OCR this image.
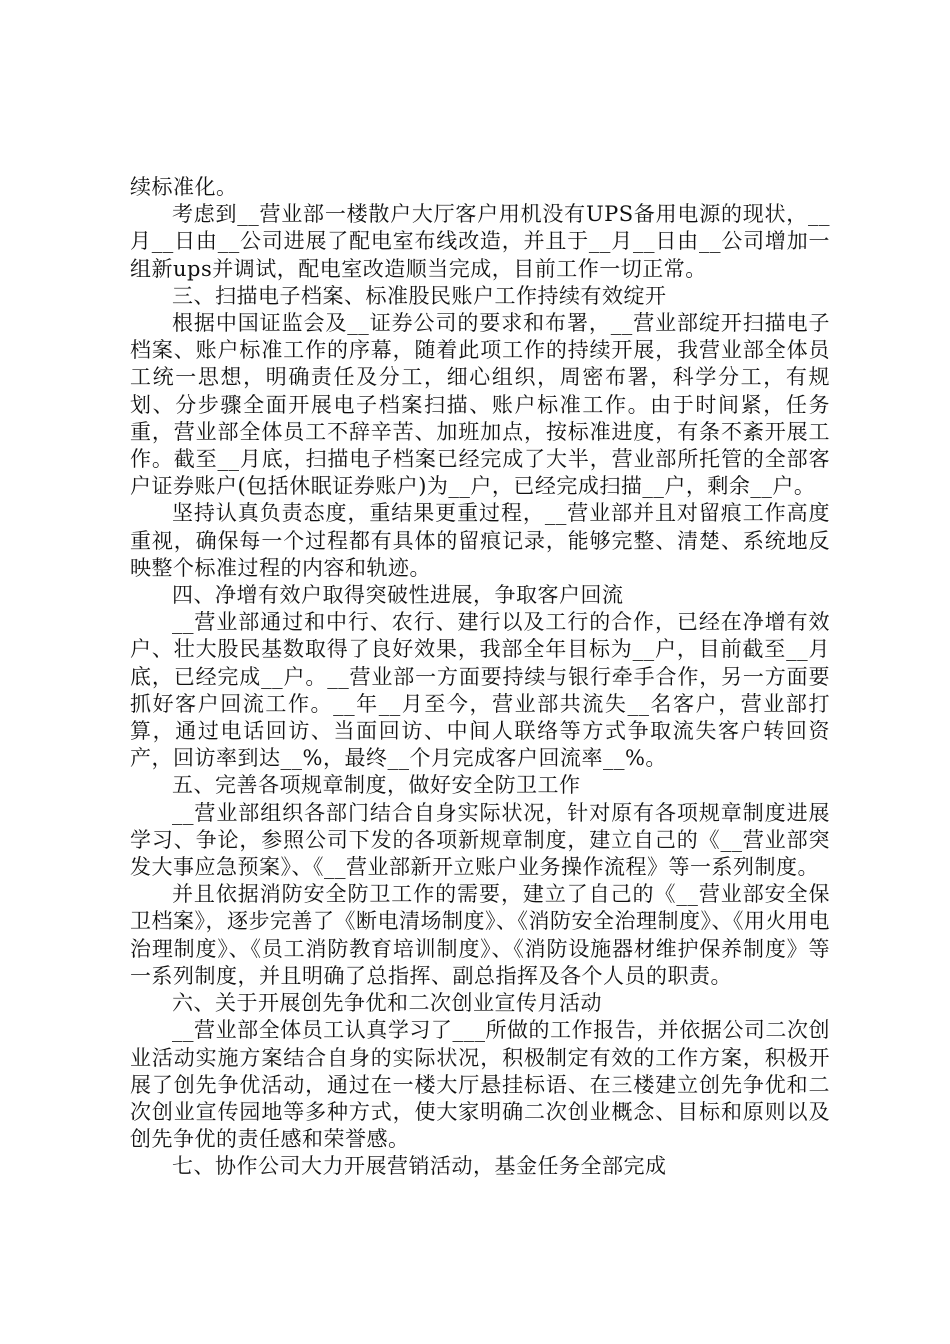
续标准化。

考虑到__营业部一楼散户大厅客户用机没有UPS备用电源的现状，__月__日由__公司进展了配电室布线改造，并且于__月__日由__公司增加一组新ups并调试，配电室改造顺当完成，目前工作一切正常。

三、扫描电子档案、标准股民账户工作持续有效绽开

根据中国证监会及__证券公司的要求和布署，__营业部绽开扫描电子档案、账户标准工作的序幕，随着此项工作的持续开展，我营业部全体员工统一思想，明确责任及分工，细心组织，周密布署，科学分工，有规划、分步骤全面开展电子档案扫描、账户标准工作。由于时间紧，任务重，营业部全体员工不辞辛苦、加班加点，按标准进度，有条不紊开展工作。截至__月底，扫描电子档案已经完成了大半，营业部所托管的全部客户证券账户(包括休眠证券账户)为__户，已经完成扫描__户，剩余__户。

坚持认真负责态度，重结果更重过程，__营业部并且对留痕工作高度重视，确保每一个过程都有具体的留痕记录，能够完整、清楚、系统地反映整个标准过程的内容和轨迹。

四、净增有效户取得突破性进展，争取客户回流

__营业部通过和中行、农行、建行以及工行的合作，已经在净增有效户、壮大股民基数取得了良好效果，我部全年目标为__户，目前截至__月底，已经完成__户。__营业部一方面要持续与银行牵手合作，另一方面要抓好客户回流工作。__年__月至今，营业部共流失__名客户，营业部打算，通过电话回访、当面回访、中间人联络等方式争取流失客户转回资产，回访率到达__%，最终__个月完成客户回流率__%。

五、完善各项规章制度，做好安全防卫工作

__营业部组织各部门结合自身实际状况，针对原有各项规章制度进展学习、争论，参照公司下发的各项新规章制度，建立自己的《__营业部突发大事应急预案》、《__营业部新开立账户业务操作流程》等一系列制度。

并且依据消防安全防卫工作的需要，建立了自己的《__营业部安全保卫档案》，逐步完善了《断电清场制度》、《消防安全治理制度》、《用火用电治理制度》、《员工消防教育培训制度》、《消防设施器材维护保养制度》等一系列制度，并且明确了总指挥、副总指挥及各个人员的职责。

六、关于开展创先争优和二次创业宣传月活动

__营业部全体员工认真学习了___所做的工作报告，并依据公司二次创业活动实施方案结合自身的实际状况，积极制定有效的工作方案，积极开展了创先争优活动，通过在一楼大厅悬挂标语、在三楼建立创先争优和二次创业宣传园地等多种方式，使大家明确二次创业概念、目标和原则以及创先争优的责任感和荣誉感。

七、协作公司大力开展营销活动，基金任务全部完成
